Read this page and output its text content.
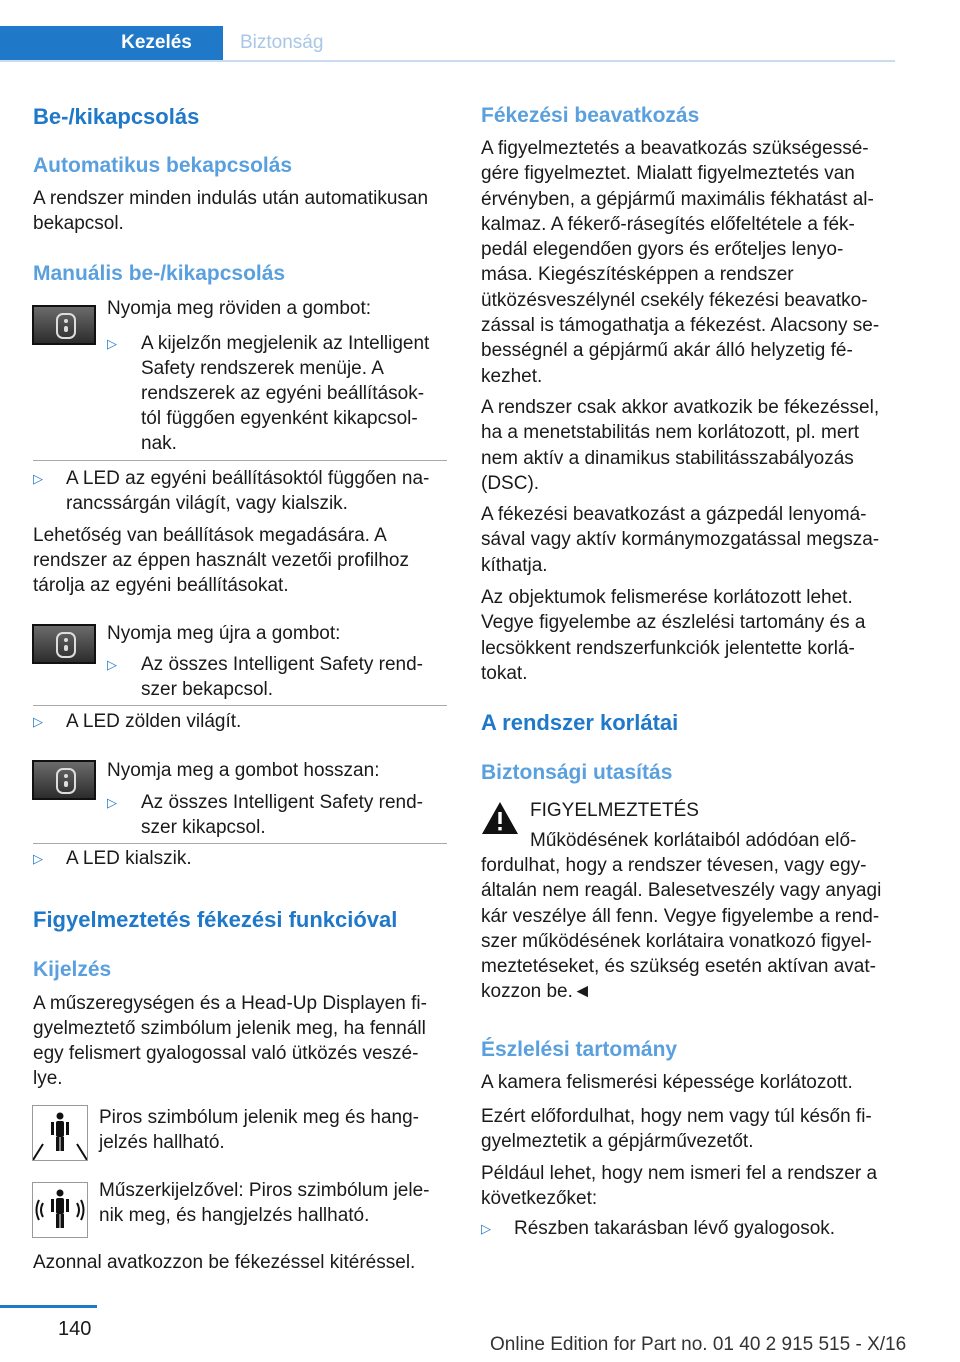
Kezelés	Biztonság
Be-/kikapcsolás
Automatikus bekapcsolás
A rendszer minden indulás után automatikusan
bekapcsol.
Manuális be-/kikapcsolás
Nyomja meg röviden a gombot:
▷ A kijelzőn megjelenik az Intelligent
Safety rendszerek menüje. A
rendszerek az egyéni beállítások‐
tól függően egyenként kikapcsol‐
nak.
▷ A LED az egyéni beállításoktól függően na‐
rancssárgán világít, vagy kialszik.
Lehetőség van beállítások megadására. A
rendszer az éppen használt vezetői profilhoz
tárolja az egyéni beállításokat.
Nyomja meg újra a gombot:
▷ Az összes Intelligent Safety rend‐
szer bekapcsol.
▷ A LED zölden világít.
Nyomja meg a gombot hosszan:
▷ Az összes Intelligent Safety rend‐
szer kikapcsol.
▷ A LED kialszik.
Figyelmeztetés fékezési funkcióval
Kijelzés
A műszeregységen és a Head-Up Displayen fi‐
gyelmeztető szimbólum jelenik meg, ha fennáll
egy felismert gyalogossal való ütközés veszé‐
lye.
Piros szimbólum jelenik meg és hang‐
jelzés hallható.
Műszerkijelzővel: Piros szimbólum jele‐
nik meg, és hangjelzés hallható.
Azonnal avatkozzon be fékezéssel kitéréssel.
Fékezési beavatkozás
A figyelmeztetés a beavatkozás szükségessé‐
gére figyelmeztet. Mialatt figyelmeztetés van
érvényben, a gépjármű maximális fékhatást al‐
kalmaz. A fékerő-rásegítés előfeltétele a fék‐
pedál elegendően gyors és erőteljes lenyo‐
mása. Kiegészítésképpen a rendszer
ütközésveszélynél csekély fékezési beavatko‐
zással is támogathatja a fékezést. Alacsony se‐
bességnél a gépjármű akár álló helyzetig fé‐
kezhet.
A rendszer csak akkor avatkozik be fékezéssel,
ha a menetstabilitás nem korlátozott, pl. mert
nem aktív a dinamikus stabilitásszabályozás
(DSC).
A fékezési beavatkozást a gázpedál lenyomá‐
sával vagy aktív kormánymozgatással megsza‐
kíthatja.
Az objektumok felismerése korlátozott lehet.
Vegye figyelembe az észlelési tartomány és a
lecsökkent rendszerfunkciók jelentette korlá‐
tokat.
A rendszer korlátai
Biztonsági utasítás
FIGYELMEZTETÉS
Működésének korlátaiból adódóan elő‐
fordulhat, hogy a rendszer tévesen, vagy egy‐
általán nem reagál. Balesetveszély vagy anyagi
kár veszélye áll fenn. Vegye figyelembe a rend‐
szer működésének korlátaira vonatkozó figyel‐
meztetéseket, és szükség esetén aktívan avat‐
kozzon be.◄
Észlelési tartomány
A kamera felismerési képessége korlátozott.
Ezért előfordulhat, hogy nem vagy túl későn fi‐
gyelmeztetik a gépjárművezetőt.
Például lehet, hogy nem ismeri fel a rendszer a
következőket:
▷ Részben takarásban lévő gyalogosok.
140
Online Edition for Part no. 01 40 2 915 515 - X/16
